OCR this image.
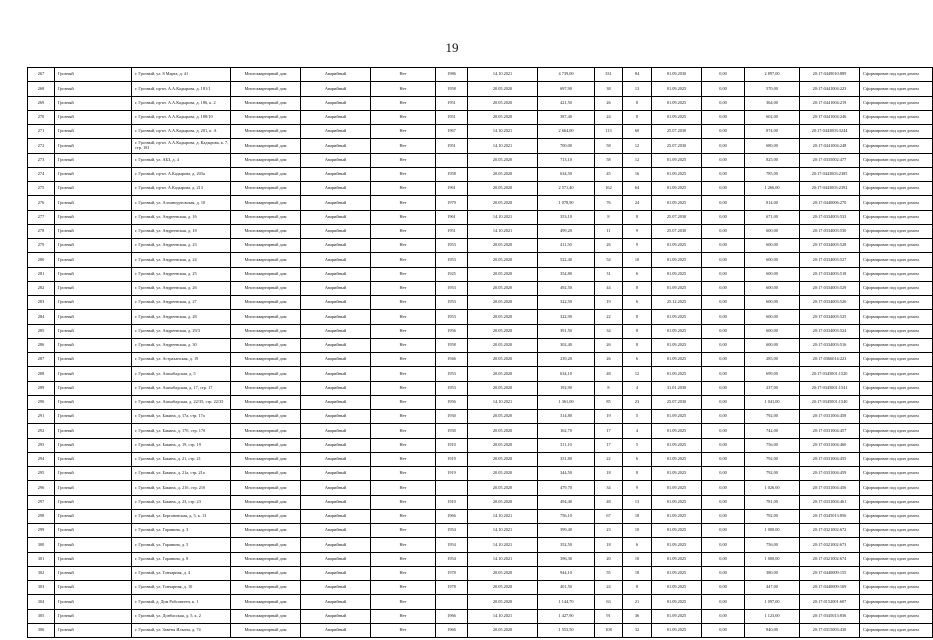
19
267	Грозный	г. Грозный, ул. 8 Марта, д. 41	Многоквартирный дом	Аварийный	Нет	1986	14.10.2021	4 739,00	331	84	01.09.2030	0,00	2 897,00	20:17:0449010:889	Сформирован под один домом
268	Грозный	г. Грозный, пр-кт. А.А.Кадырова, д. 181/1	Многоквартирный дом	Аварийный	Нет	1958	20.05.2020	697,90	38	13	01.09.2025	0,00	570,00	20:17:0441004:223	Сформирован под один домом
269	Грозный	г. Грозный, пр-кт. А.А.Кадырова, д. 186, к. 2	Многоквартирный дом	Аварийный	Нет	1951	20.05.2020	421,50	26	8	01.09.2025	0,00	364,00	20:17:0441004:219	Сформирован под один домом
270	Грозный	г. Грозный, пр-кт. А.А.Кадырова, д. 188/10	Многоквартирный дом	Аварийный	Нет	1951	20.05.2020	387,40	24	8	01.09.2025	0,00	602,00	20:17:0441004:246	Сформирован под один домом
271	Грозный	г. Грозный, пр-кт. А.А.Кадырова, д. 201, к. А	Многоквартирный дом	Аварийный	Нет	1967	14.10.2021	2 664,00	113	60	25.07.2030	0,00	874,00	20:17:0443003:3244	Сформирован под один домом
272	Грозный	г. Грозный, пр-кт. А.А.Кадырова, д. Кадырова, к. 7, стр. 181	Многоквартирный дом	Аварийный	Нет	1951	14.10.2021	700,00	58	12	25.07.2030	0,00	680,00	20:17:0441004:248	Сформирован под один домом
273	Грозный	г. Грозный, ул. АБЗ, д. 4	Многоквартирный дом	Аварийный	Нет		20.05.2020	713,10	58	12	01.09.2025	0,00	825,00	20:17:0335002:477	Сформирован под один домом
274	Грозный	г. Грозный, пр-кт. А.Кадырова, д. 203а	Многоквартирный дом	Аварийный	Нет	1958	20.05.2020	634,50	45	16	01.09.2025	0,00	785,00	20:17:0443003:2385	Сформирован под один домом
275	Грозный	г. Грозный, пр-кт. А.Кадырова, д. 213	Многоквартирный дом	Аварийный	Нет	1961	20.05.2020	2 571,40	162	64	01.09.2025	0,00	1 266,00	20:17:0443003:2392	Сформирован под один домом
276	Грозный	г. Грозный, ул. Алханпуртовская, д. 10	Многоквартирный дом	Аварийный	Нет	1979	20.05.2020	1 078,90	76	24	01.09.2025	0,00	814,00	20:17:0440006:270	Сформирован под один домом
277	Грозный	г. Грозный, ул. Андреевская, д. 16	Многоквартирный дом	Аварийный	Нет	1961	14.10.2021	353,10	8	8	25.07.2030	0,00	671,00	20:17:0334003:533	Сформирован под один домом
278	Грозный	г. Грозный, ул. Андреевская, д. 18	Многоквартирный дом	Аварийный	Нет	1951	14.10.2021	499,20	11	9	25.07.2030	0,00	600,00	20:17:0334003:530	Сформирован под один домом
279	Грозный	г. Грозный, ул. Андреевская, д. 23	Многоквартирный дом	Аварийный	Нет	1953	20.05.2020	411,50	26	9	01.09.2025	0,00	600,00	20:17:0334003:528	Сформирован под один домом
280	Грозный	г. Грозный, ул. Андреевская, д. 24	Многоквартирный дом	Аварийный	Нет	1953	20.05.2020	522,40	54	10	01.09.2025	0,00	600,00	20:17:0334003:527	Сформирован под один домом
281	Грозный	г. Грозный, ул. Андреевская, д. 25	Многоквартирный дом	Аварийный	Нет	1925	20.05.2020	354,80	31	6	01.09.2025	0,00	600,00	20:17:0334003:518	Сформирован под один домом
282	Грозный	г. Грозный, ул. Андреевская, д. 26	Многоквартирный дом	Аварийный	Нет	1953	20.05.2020	492,50	44	8	01.09.2025	0,00	600,00	20:17:0334003:529	Сформирован под один домом
283	Грозный	г. Грозный, ул. Андреевская, д. 27	Многоквартирный дом	Аварийный	Нет	1953	20.05.2020	322,50	19	6	25.12.2025	0,00	600,00	20:17:0334003:526	Сформирован под один домом
284	Грозный	г. Грозный, ул. Андреевская, д. 28	Многоквартирный дом	Аварийный	Нет	1953	20.05.2020	322,90	22	8	01.09.2025	0,00	600,00	20:17:0334003:525	Сформирован под один домом
285	Грозный	г. Грозный, ул. Андреевская, д. 29/3	Многоквартирный дом	Аварийный	Нет	1956	20.05.2020	391,50	34	8	01.09.2025	0,00	600,00	20:17:0334003:524	Сформирован под один домом
286	Грозный	г. Грозный, ул. Андреевская, д. 30	Многоквартирный дом	Аварийный	Нет	1958	20.05.2020	302,40	26	8	01.09.2025	0,00	600,00	20:17:0334003:516	Сформирован под один домом
287	Грозный	г. Грозный, ул. Астраханская, д. 19	Многоквартирный дом	Аварийный	Нет	1946	20.05.2020	239,20	26	6	01.09.2025	0,00	285,00	20:17:0366014:223	Сформирован под один домом
288	Грозный	г. Грозный, ул. Ашхабадская, д. 5	Многоквартирный дом	Аварийный	Нет	1953	20.05.2020	634,10	48	12	01.09.2025	0,00	699,00	20:17:0345001:1520	Сформирован под один домом
289	Грозный	г. Грозный, ул. Ашхабадская, д. 17, стр. 17	Многоквартирный дом	Аварийный	Нет	1953	20.05.2020	192,90	8	4	31.01.2030	0,00	237,00	20:17:0345001:1541	Сформирован под один домом
290	Грозный	г. Грозный, ул. Ашхабадская, д. 22/35, стр. 22/35	Многоквартирный дом	Аварийный	Нет	1956	14.10.2021	1 361,00	85	23	25.07.2030	0,00	1 041,00	20:17:0345001:1540	Сформирован под один домом
291	Грозный	г. Грозный, ул. Бакина, д. 17а, стр. 17а	Многоквартирный дом	Аварийный	Нет	1930	20.05.2020	314,80	19	5	01.09.2025	0,00	792,00	20:17:0331004:458	Сформирован под один домом
292	Грозный	г. Грозный, ул. Бакина, д. 17б, стр. 17б	Многоквартирный дом	Аварийный	Нет	1930	20.05.2020	162,70	17	4	01.09.2025	0,00	742,00	20:17:0331004:457	Сформирован под один домом
293	Грозный	г. Грозный, ул. Бакина, д. 19, стр. 19	Многоквартирный дом	Аварийный	Нет	1910	20.05.2020	311,10	17	5	01.09.2025	0,00	756,00	20:17:0331004:460	Сформирован под один домом
294	Грозный	г. Грозный, ул. Бакина, д. 21, стр. 21	Многоквартирный дом	Аварийный	Нет	1919	20.05.2020	351,80	22	6	01.09.2025	0,00	792,00	20:17:0331004:455	Сформирован под один домом
295	Грозный	г. Грозный, ул. Бакина, д. 21а, стр. 21а	Многоквартирный дом	Аварийный	Нет	1919	20.05.2020	344,50	18	8	01.09.2025	0,00	792,00	20:17:0331004:459	Сформирован под один домом
296	Грозный	г. Грозный, ул. Бакина, д. 21б, стр. 21б	Многоквартирный дом	Аварийный	Нет		20.05.2020	479,70	34	9	01.09.2025	0,00	1 026,00	20:17:0331004:456	Сформирован под один домом
297	Грозный	г. Грозный, ул. Бакина, д. 23, стр. 23	Многоквартирный дом	Аварийный	Нет	1910	20.05.2020	494,40	48	13	01.09.2025	0,00	781,00	20:17:0331004:461	Сформирован под один домом
298	Грозный	г. Грозный, ул. Бергановская, д. 5, к. 13	Многоквартирный дом	Аварийный	Нет	1966	14.10.2021	756,10	67	18	01.09.2025	0,00	792,00	20:17:0345013:856	Сформирован под один домом
299	Грозный	г. Грозный, ул. Гаранина, д. 3	Многоквартирный дом	Аварийный	Нет	1954	14.10.2021	399,40	23	10	01.09.2025	0,00	1 000,00	20:17:0321002:672	Сформирован под один домом
300	Грозный	г. Грозный, ул. Гаранина, д. 5	Многоквартирный дом	Аварийный	Нет	1954	14.10.2021	352,50	18	6	01.09.2025	0,00	756,00	20:17:0321002:673	Сформирован под один домом
301	Грозный	г. Грозный, ул. Гаранина, д. 8	Многоквартирный дом	Аварийный	Нет	1954	14.10.2021	396,30	20	10	01.09.2025	0,00	1 000,00	20:17:0321002:674	Сформирован под один домом
302	Грозный	г. Грозный, ул. Гончарная, д. 4	Многоквартирный дом	Аварийный	Нет	1978	20.05.2020	944,10	55	18	01.09.2025	0,00	380,00	20:17:0440009:155	Сформирован под один домом
303	Грозный	г. Грозный, ул. Гончарная, д. 10	Многоквартирный дом	Аварийный	Нет	1978	20.05.2020	401,50	24	8	01.09.2025	0,00	447,00	20:17:0440009:169	Сформирован под один домом
304	Грозный	г. Грозный, д. Дом Рабсовеген, к. 1	Многоквартирный дом	Аварийный	Нет		20.05.2020	1 144,70	63	21	01.09.2025	0,00	1 097,00	20:17:0152001:607	Сформирован под один домом
305	Грозный	г. Грозный, ул. Донбасская, д. 5, к. 2	Многоквартирный дом	Аварийный	Нет	1966	14.10.2021	1 427,90	91	36	01.09.2025	0,00	1 123,00	20:17:0345013:836	Сформирован под один домом
306	Грозный	г. Грозный, ул. Заветы Ильича, д. 74	Многоквартирный дом	Аварийный	Нет	1966	20.05.2020	1 553,50	108	32	01.09.2025	0,00	840,00	20:17:0315003:430	Сформирован под один домом
